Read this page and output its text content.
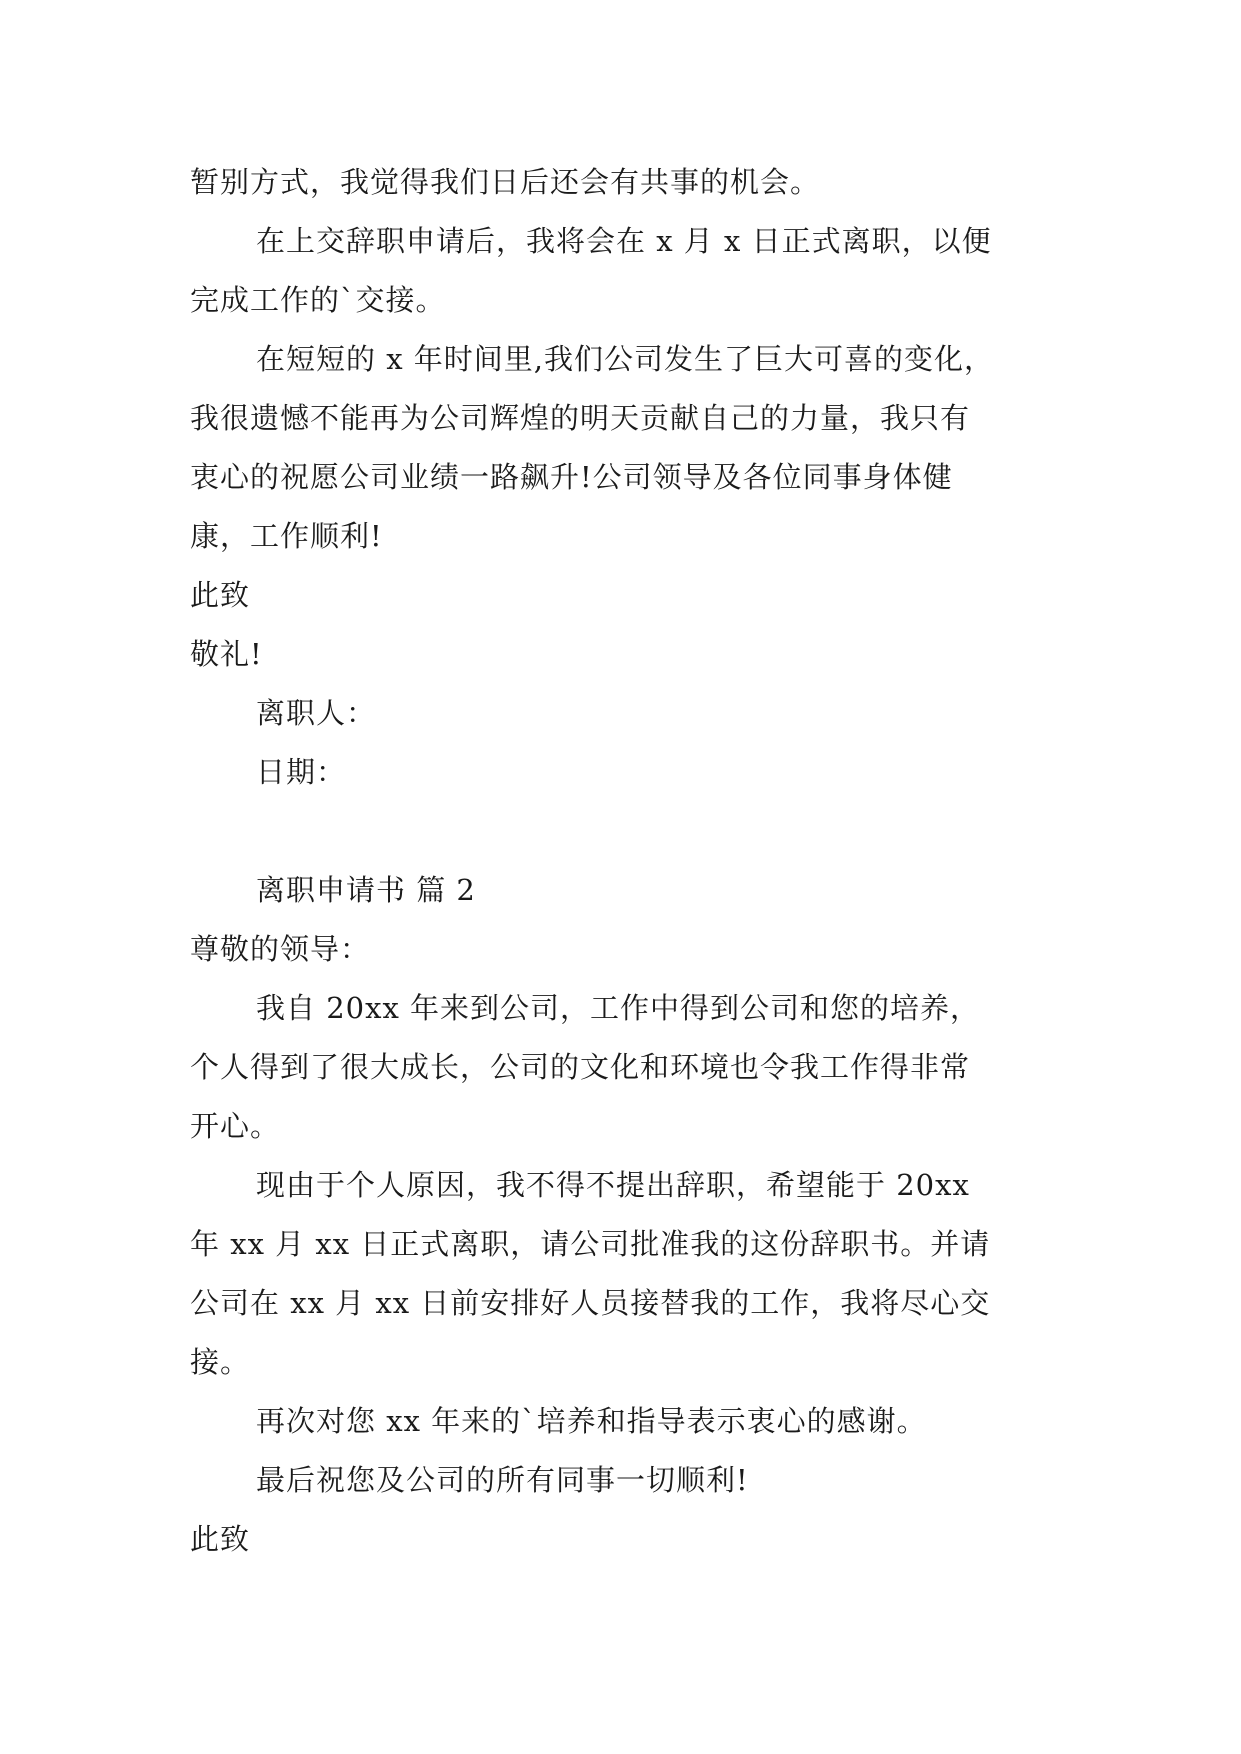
暂别方式，我觉得我们日后还会有共事的机会。
在上交辞职申请后，我将会在 x 月 x 日正式离职，以便
完成工作的`交接。
在短短的 x 年时间里,我们公司发生了巨大可喜的变化，
我很遗憾不能再为公司辉煌的明天贡献自己的力量，我只有
衷心的祝愿公司业绩一路飙升!公司领导及各位同事身体健
康，工作顺利!
此致
敬礼!
离职人：
日期：
离职申请书 篇 2
尊敬的领导：
我自 20xx 年来到公司，工作中得到公司和您的培养，
个人得到了很大成长，公司的文化和环境也令我工作得非常
开心。
现由于个人原因，我不得不提出辞职，希望能于 20xx
年 xx 月 xx 日正式离职，请公司批准我的这份辞职书。并请
公司在 xx 月 xx 日前安排好人员接替我的工作，我将尽心交
接。
再次对您 xx 年来的`培养和指导表示衷心的感谢。
最后祝您及公司的所有同事一切顺利!
此致
